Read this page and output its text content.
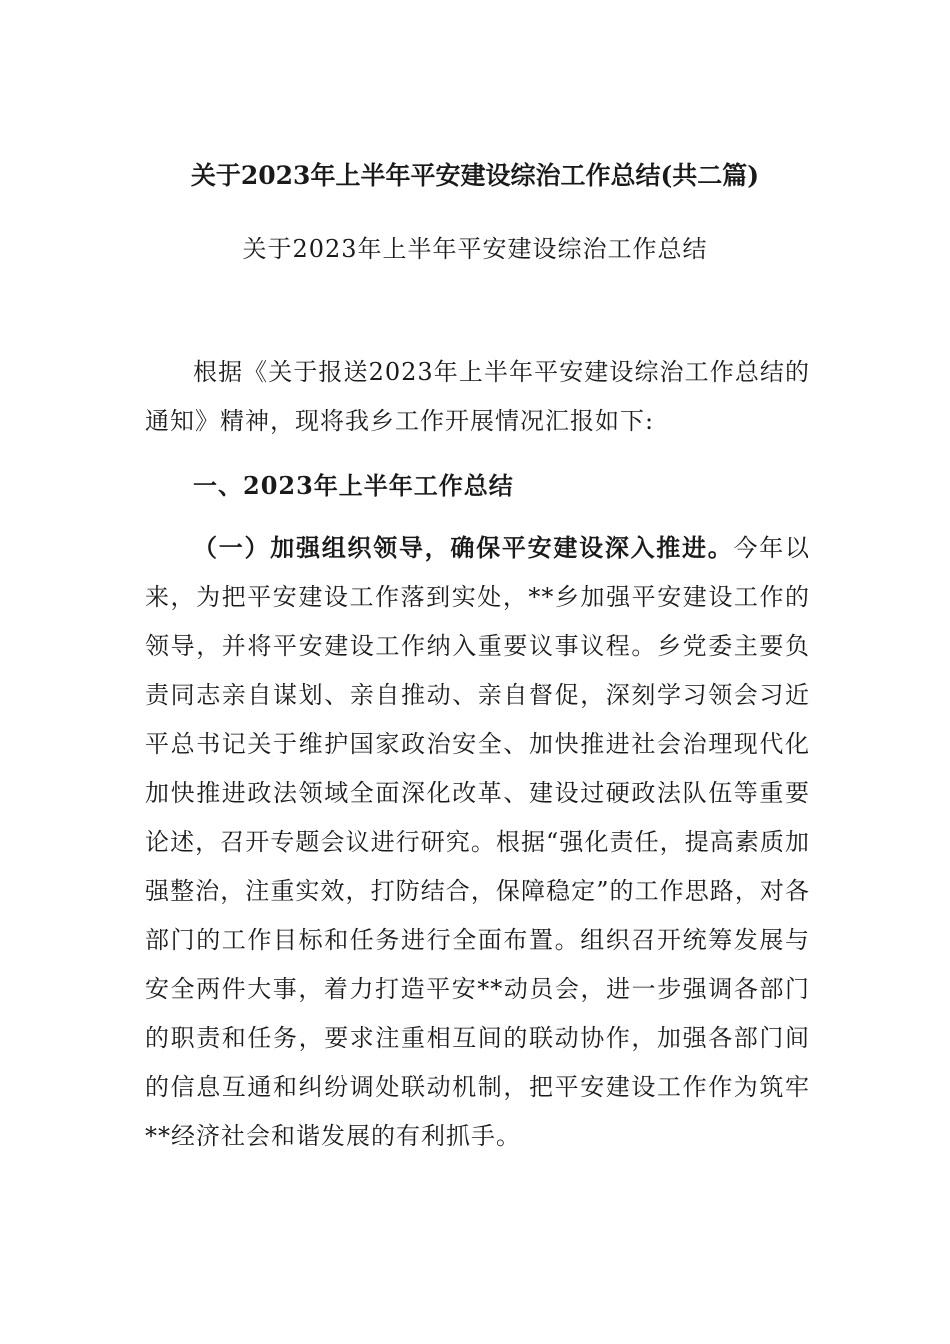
关于2023年上半年平安建设综治工作总结(共二篇)
关于2023年上半年平安建设综治工作总结
根据《关于报送2023年上半年平安建设综治工作总结的通知》精神，现将我乡工作开展情况汇报如下:
一、2023年上半年工作总结
（一）加强组织领导，确保平安建设深入推进。今年以来，为把平安建设工作落到实处，**乡加强平安建设工作的领导，并将平安建设工作纳入重要议事议程。乡党委主要负责同志亲自谋划、亲自推动、亲自督促，深刻学习领会习近平总书记关于维护国家政治安全、加快推进社会治理现代化加快推进政法领域全面深化改革、建设过硬政法队伍等重要论述，召开专题会议进行研究。根据“强化责任，提高素质加强整治，注重实效，打防结合，保障稳定”的工作思路，对各部门的工作目标和任务进行全面布置。组织召开统筹发展与安全两件大事，着力打造平安**动员会，进一步强调各部门的职责和任务，要求注重相互间的联动协作，加强各部门间的信息互通和纠纷调处联动机制，把平安建设工作作为筑牢**经济社会和谐发展的有利抓手。
